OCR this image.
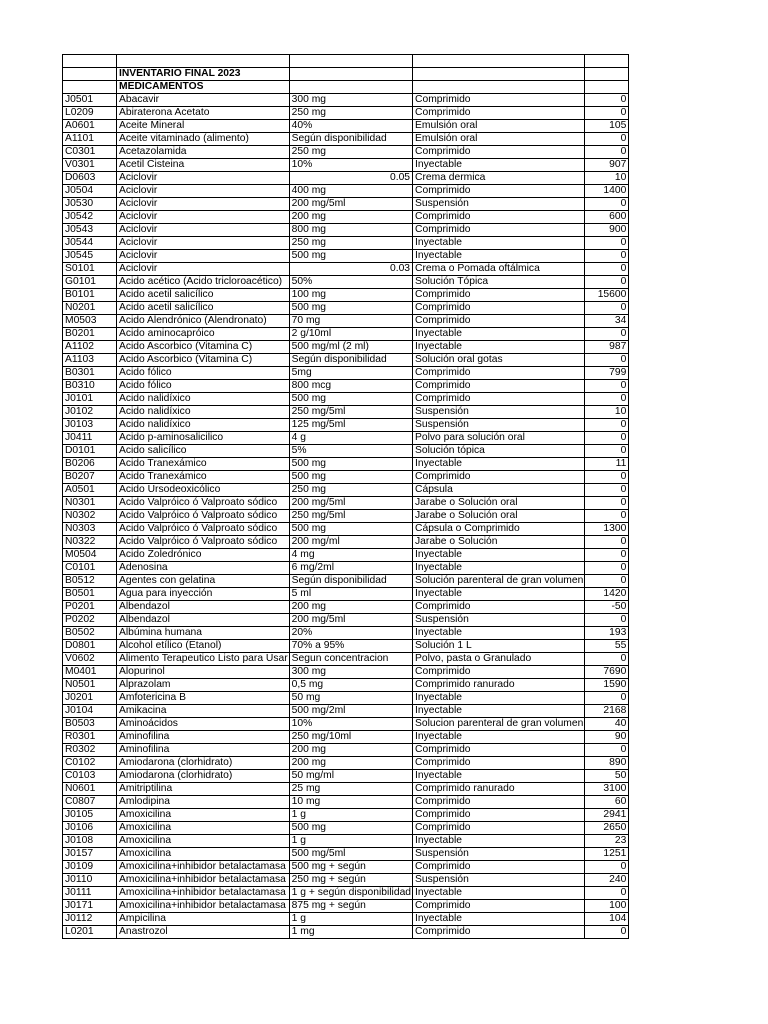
	INVENTARIO FINAL 2023			
	MEDICAMENTOS			
J0501	Abacavir	300 mg	Comprimido	0
L0209	Abiraterona Acetato	250 mg	Comprimido	0
A0601	Aceite Mineral	40%	Emulsión oral	105
A1101	Aceite vitaminado (alimento)	Según disponibilidad	Emulsión oral	0
C0301	Acetazolamida	250 mg	Comprimido	0
V0301	Acetil Cisteina	10%	Inyectable	907
D0603	Aciclovir	0.05	Crema dermica	10
J0504	Aciclovir	400 mg	Comprimido	1400
J0530	Aciclovir	200 mg/5ml	Suspensión	0
J0542	Aciclovir	200 mg	Comprimido	600
J0543	Aciclovir	800 mg	Comprimido	900
J0544	Aciclovir	250 mg	Inyectable	0
J0545	Aciclovir	500 mg	Inyectable	0
S0101	Aciclovir	0.03	Crema o Pomada oftálmica	0
G0101	Acido acético (Acido tricloroacético)	50%	Solución Tópica	0
B0101	Acido acetil salicílico	100 mg	Comprimido	15600
N0201	Acido acetil salicílico	500 mg	Comprimido	0
M0503	Acido Alendrónico (Alendronato)	70 mg	Comprimido	34
B0201	Acido aminocapróico	2 g/10ml	Inyectable	0
A1102	Acido Ascorbico (Vitamina C)	500 mg/ml (2 ml)	Inyectable	987
A1103	Acido Ascorbico (Vitamina C)	Según disponibilidad	Solución oral gotas	0
B0301	Acido fólico	5mg	Comprimido	799
B0310	Acido fólico	800 mcg	Comprimido	0
J0101	Acido nalidíxico	500 mg	Comprimido	0
J0102	Acido nalidíxico	250 mg/5ml	Suspensión	10
J0103	Acido nalidíxico	125 mg/5ml	Suspensión	0
J0411	Acido p-aminosalicilico	4 g	Polvo para solución oral	0
D0101	Acido salicílico	5%	Solución tópica	0
B0206	Acido Tranexámico	500 mg	Inyectable	11
B0207	Acido Tranexámico	500 mg	Comprimido	0
A0501	Acido Ursodeoxicólico	250 mg	Cápsula	0
N0301	Acido Valpróico ó Valproato sódico	200 mg/5ml	Jarabe o Solución oral	0
N0302	Acido Valpróico ó Valproato sódico	250 mg/5ml	Jarabe o Solución oral	0
N0303	Acido Valpróico ó Valproato sódico	500 mg	Cápsula o Comprimido	1300
N0322	Acido Valpróico ó Valproato sódico	200 mg/ml	Jarabe o Solución	0
M0504	Acido Zoledrónico	4 mg	Inyectable	0
C0101	Adenosina	6 mg/2ml	Inyectable	0
B0512	Agentes con gelatina	Según disponibilidad	Solución parenteral de gran volumen	0
B0501	Agua para inyección	5 ml	Inyectable	1420
P0201	Albendazol	200 mg	Comprimido	-50
P0202	Albendazol	200 mg/5ml	Suspensión	0
B0502	Albúmina humana	20%	Inyectable	193
D0801	Alcohol etílico (Etanol)	70% a 95%	Solución 1 L	55
V0602	Alimento Terapeutico Listo para Usar	Segun concentracion	Polvo, pasta o Granulado	0
M0401	Alopurinol	300 mg	Comprimido	7690
N0501	Alprazolam	0,5 mg	Comprimido ranurado	1590
J0201	Amfotericina B	50 mg	Inyectable	0
J0104	Amikacina	500 mg/2ml	Inyectable	2168
B0503	Aminoácidos	10%	Solucion parenteral de gran volumen	40
R0301	Aminofilina	250 mg/10ml	Inyectable	90
R0302	Aminofilina	200 mg	Comprimido	0
C0102	Amiodarona (clorhidrato)	200 mg	Comprimido	890
C0103	Amiodarona (clorhidrato)	50 mg/ml	Inyectable	50
N0601	Amitriptilina	25 mg	Comprimido ranurado	3100
C0807	Amlodipina	10 mg	Comprimido	60
J0105	Amoxicilina	1 g	Comprimido	2941
J0106	Amoxicilina	500 mg	Comprimido	2650
J0108	Amoxicilina	1 g	Inyectable	23
J0157	Amoxicilina	500 mg/5ml	Suspensión	1251
J0109	Amoxicilina+inhibidor betalactamasa	500 mg + según	Comprimido	0
J0110	Amoxicilina+inhibidor betalactamasa	250 mg + según	Suspensión	240
J0111	Amoxicilina+inhibidor betalactamasa	1 g + según disponibilidad	Inyectable	0
J0171	Amoxicilina+inhibidor betalactamasa	875 mg + según	Comprimido	100
J0112	Ampicilina	1 g	Inyectable	104
L0201	Anastrozol	1 mg	Comprimido	0
